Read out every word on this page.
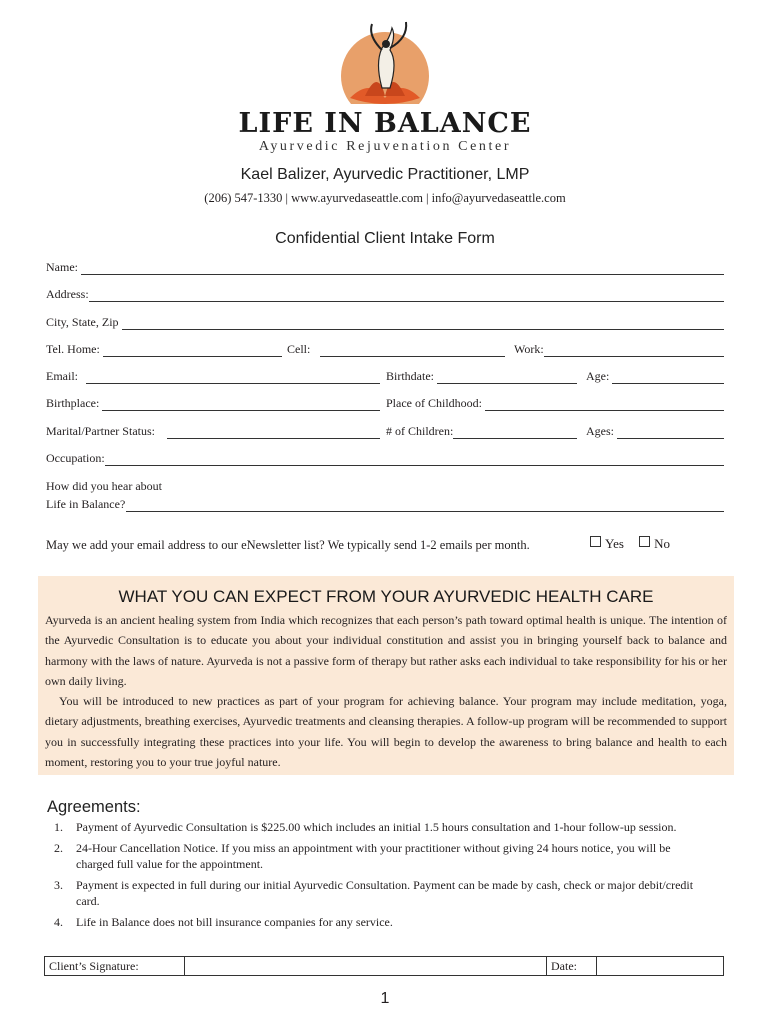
LIFE IN BALANCE
Ayurvedic Rejuvenation Center
Kael Balizer, Ayurvedic Practitioner, LMP
(206) 547-1330 | www.ayurvedaseattle.com | info@ayurvedaseattle.com
Confidential Client Intake Form
Name:
Address:
City, State, Zip
Tel. Home:	Cell:	Work:
Email:	Birthdate:	Age:
Birthplace:	Place of Childhood:
Marital/Partner Status:	# of Children:	Ages:
Occupation:
How did you hear about
Life in Balance?
May we add your email address to our eNewsletter list? We typically send 1-2 emails per month.	Yes No
WHAT YOU CAN EXPECT FROM YOUR AYURVEDIC HEALTH CARE

Ayurveda is an ancient healing system from India which recognizes that each person’s path toward optimal health is unique. The intention of the Ayurvedic Consultation is to educate you about your individual constitution and assist you in bringing yourself back to balance and harmony with the laws of nature. Ayurveda is not a passive form of therapy but rather asks each individual to take responsibility for his or her own daily living.

You will be introduced to new practices as part of your program for achieving balance. Your program may include meditation, yoga, dietary adjustments, breathing exercises, Ayurvedic treatments and cleansing therapies. A follow-up program will be recommended to support you in successfully integrating these practices into your life. You will begin to develop the awareness to bring balance and health to each moment, restoring you to your true joyful nature.

Agreements:
1.	Payment of Ayurvedic Consultation is $225.00 which includes an initial 1.5 hours consultation and 1-hour follow-up session.
2.	24-Hour Cancellation Notice. If you miss an appointment with your practitioner without giving 24 hours notice, you will be charged full value for the appointment.
3.	Payment is expected in full during our initial Ayurvedic Consultation. Payment can be made by cash, check or major debit/credit card.
4.	Life in Balance does not bill insurance companies for any service.
Client’s Signature:	Date:
1
